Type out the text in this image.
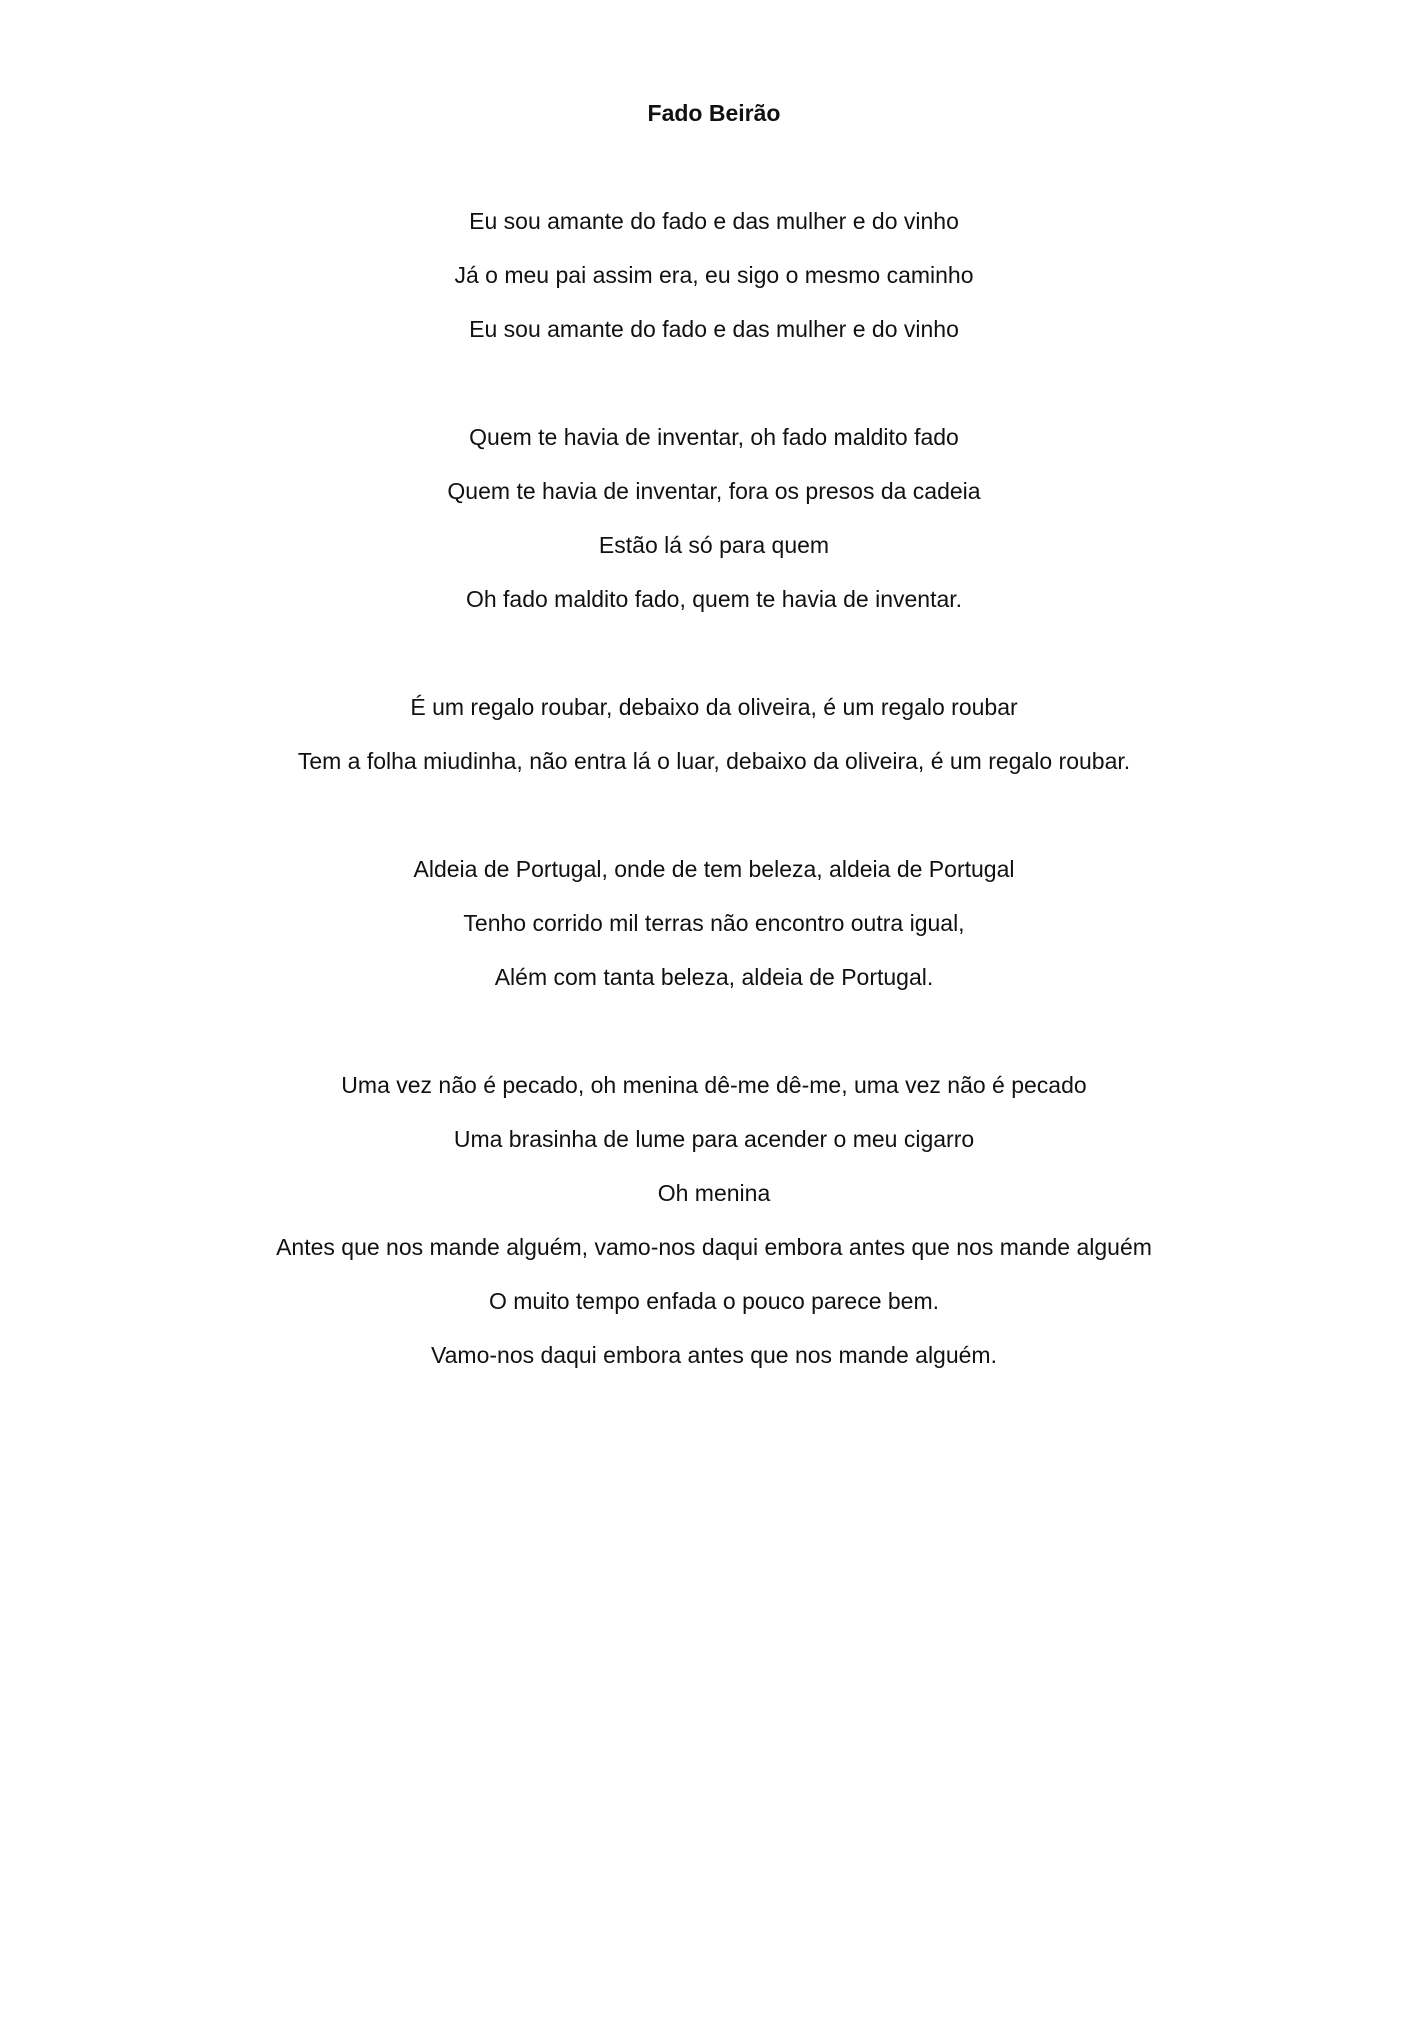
Fado Beirão
Eu sou amante do fado e das mulher e do vinho
Já o meu pai assim era, eu sigo o mesmo caminho
Eu sou amante do fado e das mulher e do vinho
Quem te havia de inventar, oh fado maldito fado
Quem te havia de inventar, fora os presos da cadeia
Estão lá só para quem
Oh fado maldito fado, quem te havia de inventar.
É um regalo roubar, debaixo da oliveira, é um regalo roubar
Tem a folha miudinha, não entra lá o luar, debaixo da oliveira, é um regalo roubar.
Aldeia de Portugal, onde de tem beleza, aldeia de Portugal
Tenho corrido mil terras não encontro outra igual,
Além com tanta beleza, aldeia de Portugal.
Uma vez não é pecado, oh menina dê-me dê-me, uma vez não é pecado
Uma brasinha de lume para acender o meu cigarro
Oh menina
Antes que nos mande alguém, vamo-nos daqui embora antes que nos mande alguém
O muito tempo enfada o pouco parece bem.
Vamo-nos daqui embora antes que nos mande alguém.
